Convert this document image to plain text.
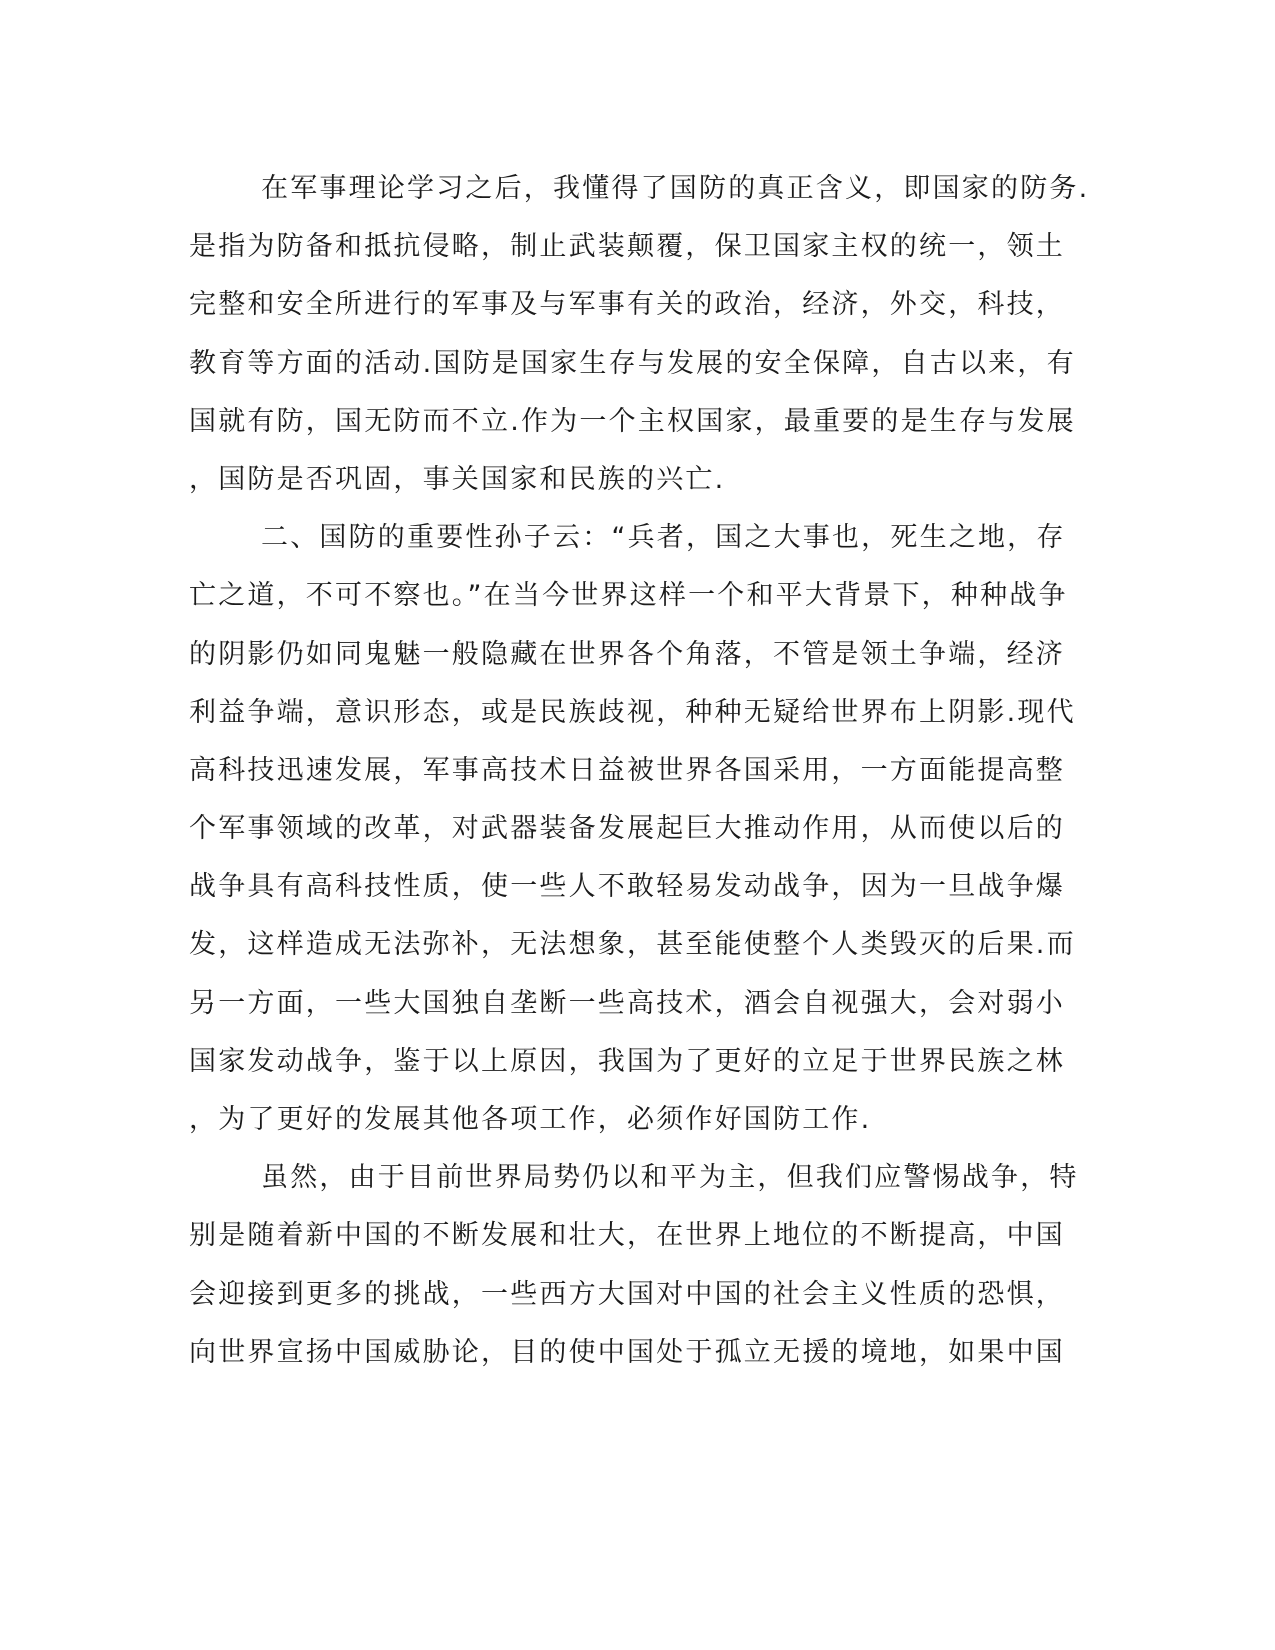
在军事理论学习之后，我懂得了国防的真正含义，即国家的防务.
是指为防备和抵抗侵略，制止武装颠覆，保卫国家主权的统一，领土
完整和安全所进行的军事及与军事有关的政治，经济，外交，科技，
教育等方面的活动.国防是国家生存与发展的安全保障，自古以来，有
国就有防，国无防而不立.作为一个主权国家，最重要的是生存与发展
，国防是否巩固，事关国家和民族的兴亡.
二、国防的重要性孙子云：“兵者，国之大事也，死生之地，存
亡之道，不可不察也。”在当今世界这样一个和平大背景下，种种战争
的阴影仍如同鬼魅一般隐藏在世界各个角落，不管是领土争端，经济
利益争端，意识形态，或是民族歧视，种种无疑给世界布上阴影.现代
高科技迅速发展，军事高技术日益被世界各国采用，一方面能提高整
个军事领域的改革，对武器装备发展起巨大推动作用，从而使以后的
战争具有高科技性质，使一些人不敢轻易发动战争，因为一旦战争爆
发，这样造成无法弥补，无法想象，甚至能使整个人类毁灭的后果.而
另一方面，一些大国独自垄断一些高技术，酒会自视强大，会对弱小
国家发动战争，鉴于以上原因，我国为了更好的立足于世界民族之林
，为了更好的发展其他各项工作，必须作好国防工作.
虽然，由于目前世界局势仍以和平为主，但我们应警惕战争，特
别是随着新中国的不断发展和壮大，在世界上地位的不断提高，中国
会迎接到更多的挑战，一些西方大国对中国的社会主义性质的恐惧，
向世界宣扬中国威胁论，目的使中国处于孤立无援的境地，如果中国
